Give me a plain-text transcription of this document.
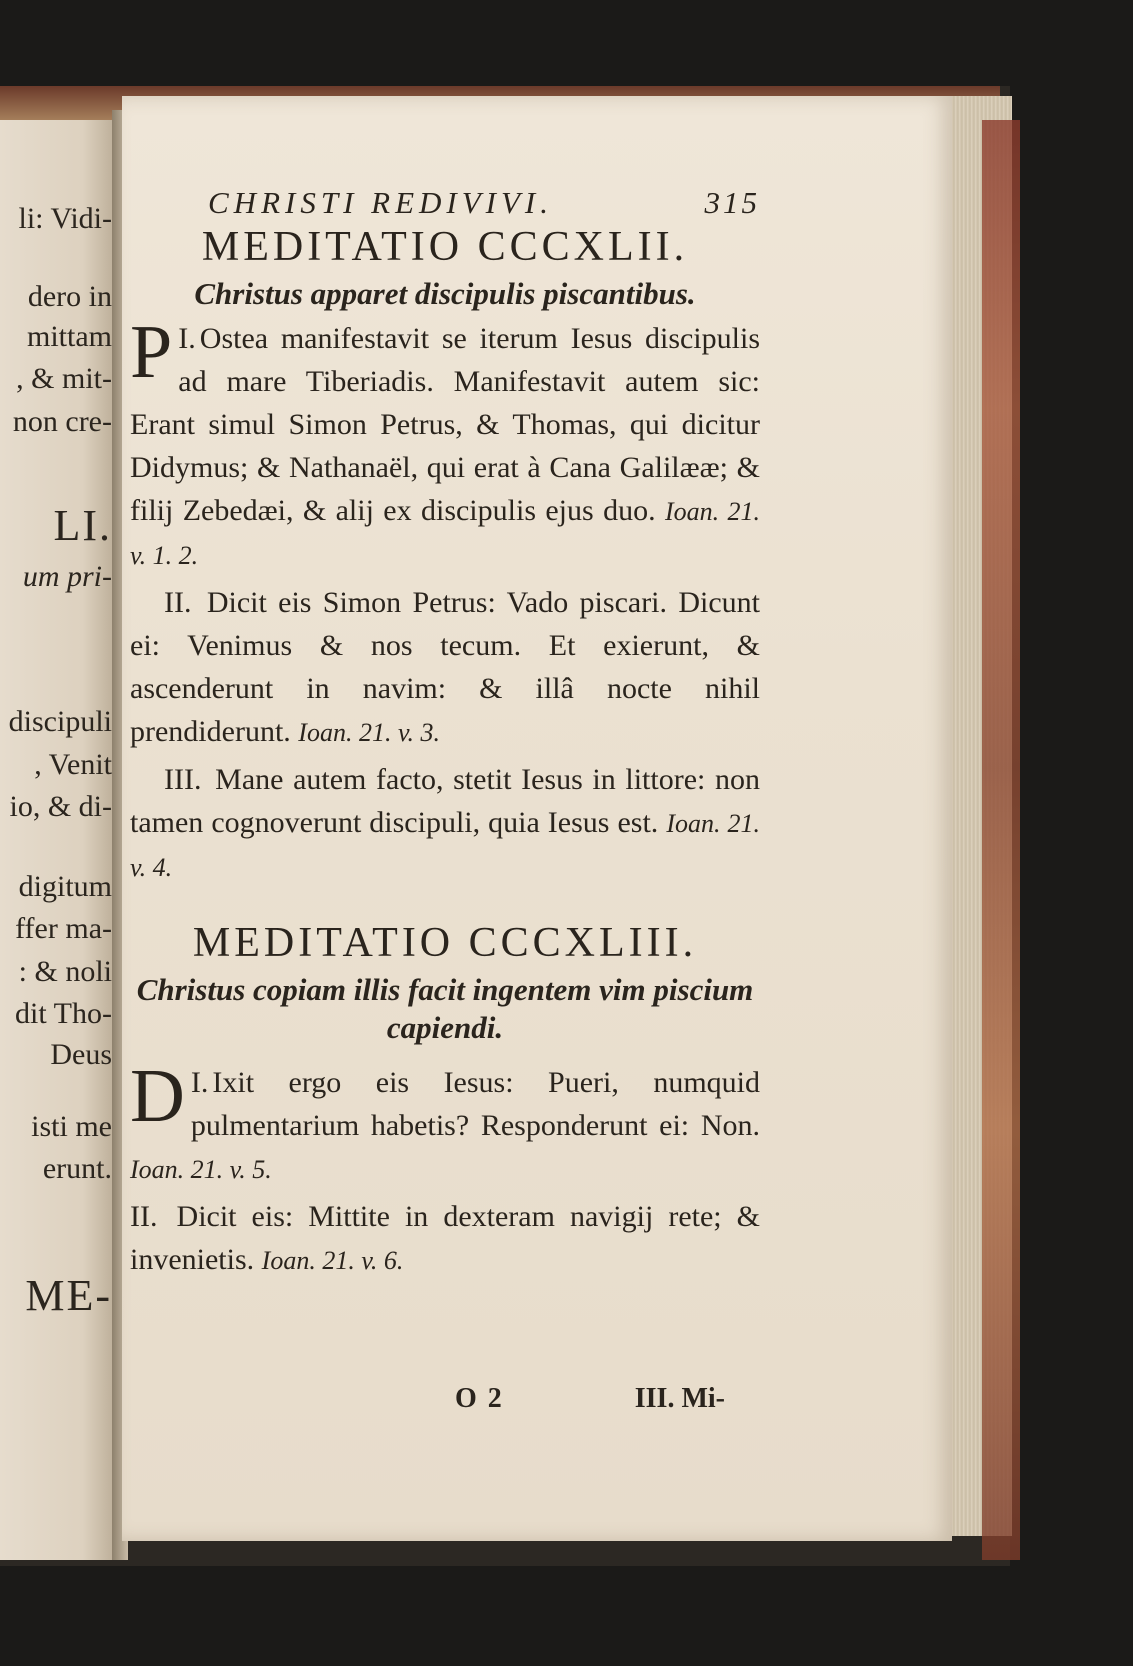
li: Vidi-
dero in
mittam
, & mit-
non cre-
LI.
um pri-
discipuli
, Venit
io, & di-
digitum
ffer ma-
: & noli
dit Tho-
Deus
isti me
erunt.
ME-
CHRISTI REDIVIVI.	315
MEDITATIO CCCXLII.
Christus apparet discipulis piscantibus.
I.
P Ostea manifestavit se iterum Iesus discipulis ad mare Tiberiadis. Manifestavit autem sic: Erant simul Simon Petrus, & Thomas, qui dicitur Didymus; & Nathanaël, qui erat à Cana Galilææ; & filij Zebedæi, & alij ex discipulis ejus duo. Ioan. 21. v. 1. 2.
II. Dicit eis Simon Petrus: Vado piscari. Dicunt ei: Venimus & nos tecum. Et exierunt, & ascenderunt in navim: & illâ nocte nihil prendiderunt. Ioan. 21. v. 3.
III. Mane autem facto, stetit Iesus in littore: non tamen cognoverunt discipuli, quia Iesus est. Ioan. 21. v. 4.
MEDITATIO CCCXLIII.
Christus copiam illis facit ingentem vim piscium capiendi.
I.
D Ixit ergo eis Iesus: Pueri, numquid pulmentarium habetis? Responderunt ei: Non. Ioan. 21. v. 5.
II. Dicit eis: Mittite in dexteram navigij rete; & invenietis. Ioan. 21. v. 6.
O 2	III. Mi-
